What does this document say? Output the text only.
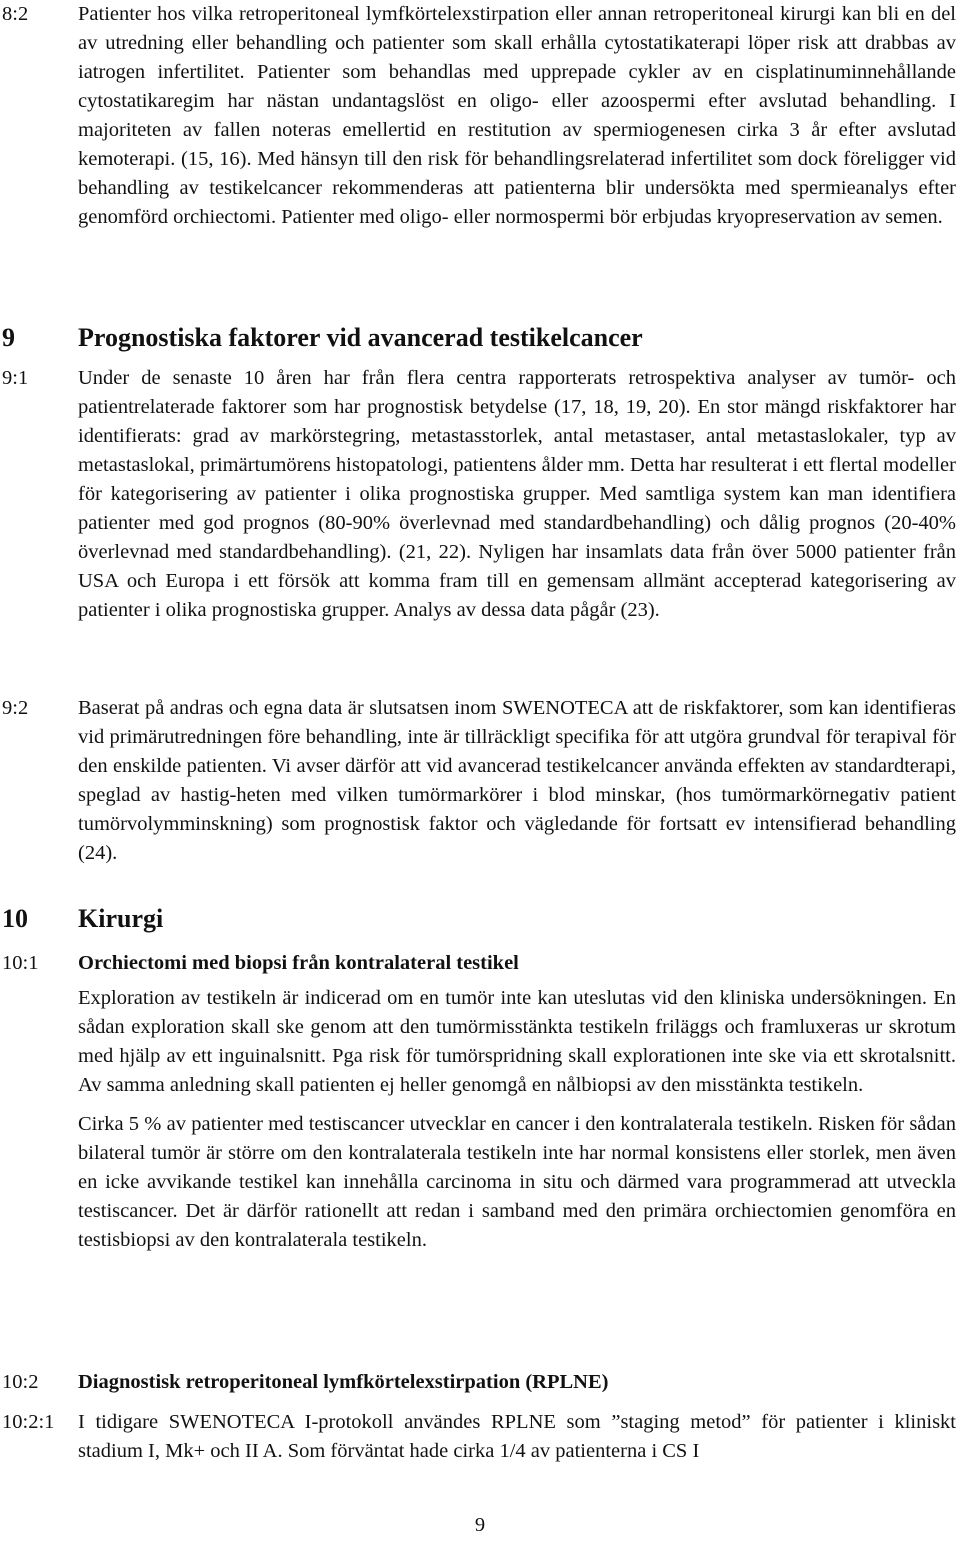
8:2	Patienter hos vilka retroperitoneal lymfkörtelexstirpation eller annan retroperitoneal kirurgi kan bli en del av utredning eller behandling och patienter som skall erhålla cytostatikaterapi löper risk att drabbas av iatrogen infertilitet. Patienter som behandlas med upprepade cykler av en cisplatinuminnehållande cytostatikaregim har nästan undantagslöst en oligo- eller azoospermi efter avslutad behandling. I majoriteten av fallen noteras emellertid en restitution av spermiogenesen cirka 3 år efter avslutad kemoterapi. (15, 16). Med hänsyn till den risk för behandlingsrelaterad infertilitet som dock föreligger vid behandling av testikelcancer rekommenderas att patienterna blir undersökta med spermieanalys efter genomförd orchiectomi. Patienter med oligo- eller normospermi bör erbjudas kryopreservation av semen.

9	Prognostiska faktorer vid avancerad testikelcancer
9:1	Under de senaste 10 åren har från flera centra rapporterats retrospektiva analyser av tumör- och patientrelaterade faktorer som har prognostisk betydelse (17, 18, 19, 20). En stor mängd riskfaktorer har identifierats: grad av markörstegring, metastasstorlek, antal metastaser, antal metastaslokaler, typ av metastaslokal, primärtumörens histopatologi, patientens ålder mm. Detta har resulterat i ett flertal modeller för kategorisering av patienter i olika prognostiska grupper. Med samtliga system kan man identifiera patienter med god prognos (80-90% överlevnad med standardbehandling) och dålig prognos (20-40% överlevnad med standardbehandling). (21, 22). Nyligen har insamlats data från över 5000 patienter från USA och Europa i ett försök att komma fram till en gemensam allmänt accepterad kategorisering av patienter i olika prognostiska grupper. Analys av dessa data pågår (23).

9:2	Baserat på andras och egna data är slutsatsen inom SWENOTECA att de riskfaktorer, som kan identifieras vid primärutredningen före behandling, inte är tillräckligt specifika för att utgöra grundval för terapival för den enskilde patienten. Vi avser därför att vid avancerad testikelcancer använda effekten av standardterapi, speglad av hastig-heten med vilken tumörmarkörer i blod minskar, (hos tumörmarkörnegativ patient tumörvolymminskning) som prognostisk faktor och vägledande för fortsatt ev intensifierad behandling (24).

10	Kirurgi
10:1	Orchiectomi med biopsi från kontralateral testikel

Exploration av testikeln är indicerad om en tumör inte kan uteslutas vid den kliniska undersökningen. En sådan exploration skall ske genom att den tumörmisstänkta testikeln friläggs och framluxeras ur skrotum med hjälp av ett inguinalsnitt. Pga risk för tumörspridning skall explorationen inte ske via ett skrotalsnitt. Av samma anledning skall patienten ej heller genomgå en nålbiopsi av den misstänkta testikeln.

Cirka 5 % av patienter med testiscancer utvecklar en cancer i den kontralaterala testikeln. Risken för sådan bilateral tumör är större om den kontralaterala testikeln inte har normal konsistens eller storlek, men även en icke avvikande testikel kan innehålla carcinoma in situ och därmed vara programmerad att utveckla testiscancer. Det är därför rationellt att redan i samband med den primära orchiectomien genomföra en testisbiopsi av den kontralaterala testikeln.

10:2	Diagnostisk retroperitoneal lymfkörtelexstirpation (RPLNE)
10:2:1	I tidigare SWENOTECA I-protokoll användes RPLNE som ”staging metod” för patienter i kliniskt stadium I, Mk+ och II A. Som förväntat hade cirka 1/4 av patienterna i CS I

9
